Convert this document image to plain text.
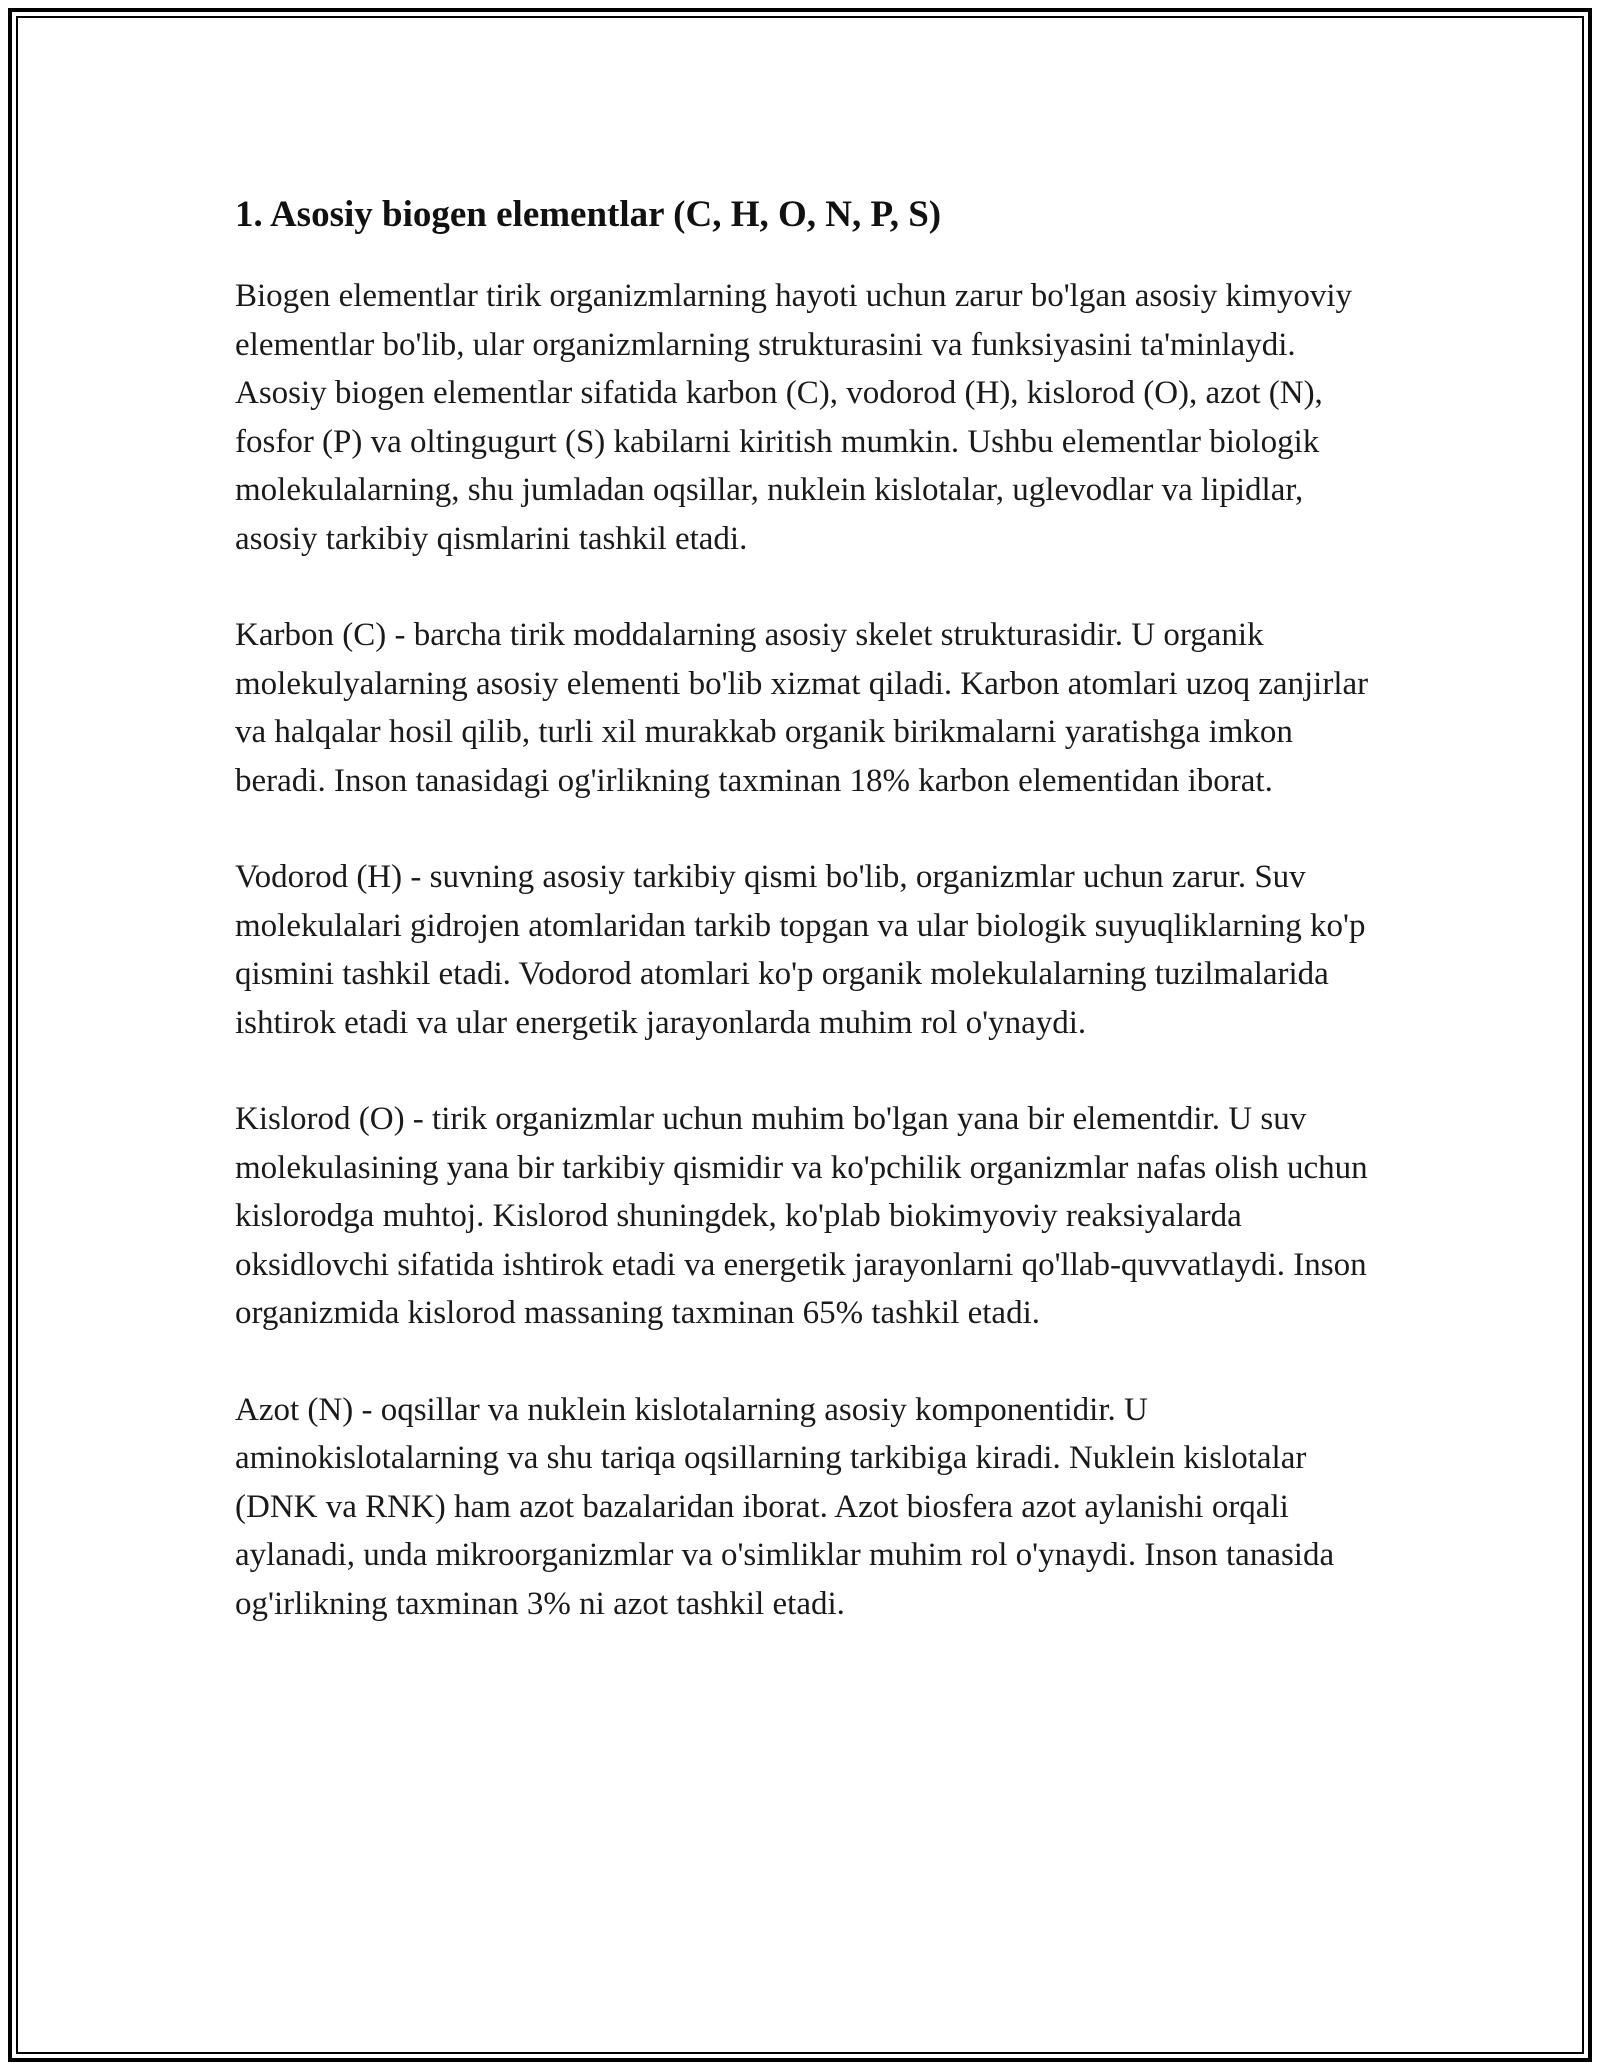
1. Asosiy biogen elementlar (C, H, O, N, P, S)

Biogen elementlar tirik organizmlarning hayoti uchun zarur bo'lgan asosiy kimyoviy elementlar bo'lib, ular organizmlarning strukturasini va funksiyasini ta'minlaydi. Asosiy biogen elementlar sifatida karbon (C), vodorod (H), kislorod (O), azot (N), fosfor (P) va oltingugurt (S) kabilarni kiritish mumkin. Ushbu elementlar biologik molekulalarning, shu jumladan oqsillar, nuklein kislotalar, uglevodlar va lipidlar, asosiy tarkibiy qismlarini tashkil etadi.

Karbon (C) - barcha tirik moddalarning asosiy skelet strukturasidir. U organik molekulyalarning asosiy elementi bo'lib xizmat qiladi. Karbon atomlari uzoq zanjirlar va halqalar hosil qilib, turli xil murakkab organik birikmalarni yaratishga imkon beradi. Inson tanasidagi og'irlikning taxminan 18% karbon elementidan iborat.

Vodorod (H) - suvning asosiy tarkibiy qismi bo'lib, organizmlar uchun zarur. Suv molekulalari gidrojen atomlaridan tarkib topgan va ular biologik suyuqliklarning ko'p qismini tashkil etadi. Vodorod atomlari ko'p organik molekulalarning tuzilmalarida ishtirok etadi va ular energetik jarayonlarda muhim rol o'ynaydi.

Kislorod (O) - tirik organizmlar uchun muhim bo'lgan yana bir elementdir. U suv molekulasining yana bir tarkibiy qismidir va ko'pchilik organizmlar nafas olish uchun kislorodga muhtoj. Kislorod shuningdek, ko'plab biokimyoviy reaksiyalarda oksidlovchi sifatida ishtirok etadi va energetik jarayonlarni qo'llab-quvvatlaydi. Inson organizmida kislorod massaning taxminan 65% tashkil etadi.

Azot (N) - oqsillar va nuklein kislotalarning asosiy komponentidir. U aminokislotalarning va shu tariqa oqsillarning tarkibiga kiradi. Nuklein kislotalar (DNK va RNK) ham azot bazalaridan iborat. Azot biosfera azot aylanishi orqali aylanadi, unda mikroorganizmlar va o'simliklar muhim rol o'ynaydi. Inson tanasida og'irlikning taxminan 3% ni azot tashkil etadi.
